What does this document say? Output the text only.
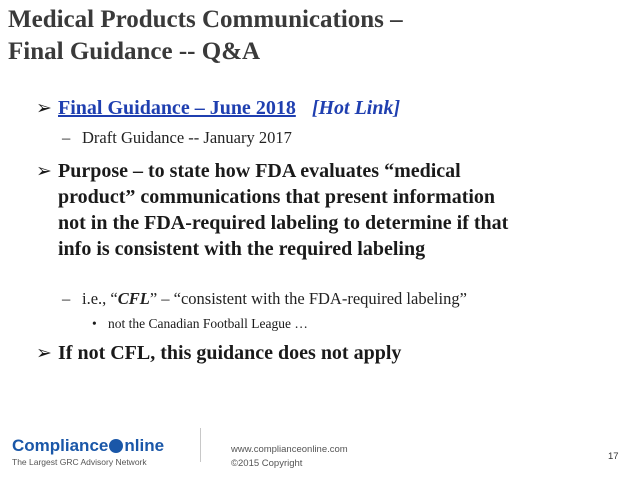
Medical Products Communications –
Final Guidance -- Q&A
➢ Final Guidance – June 2018 [Hot Link]
– Draft Guidance -- January 2017
➢ Purpose – to state how FDA evaluates “medical
product” communications that present information
not in the FDA-required labeling to determine if that
info is consistent with the required labeling
– i.e., “CFL” – “consistent with the FDA-required labeling”
• not the Canadian Football League …
➢ If not CFL, this guidance does not apply
Compliance nline
The Largest GRC Advisory Network
www.complianceonline.com
©2015 Copyright
17
